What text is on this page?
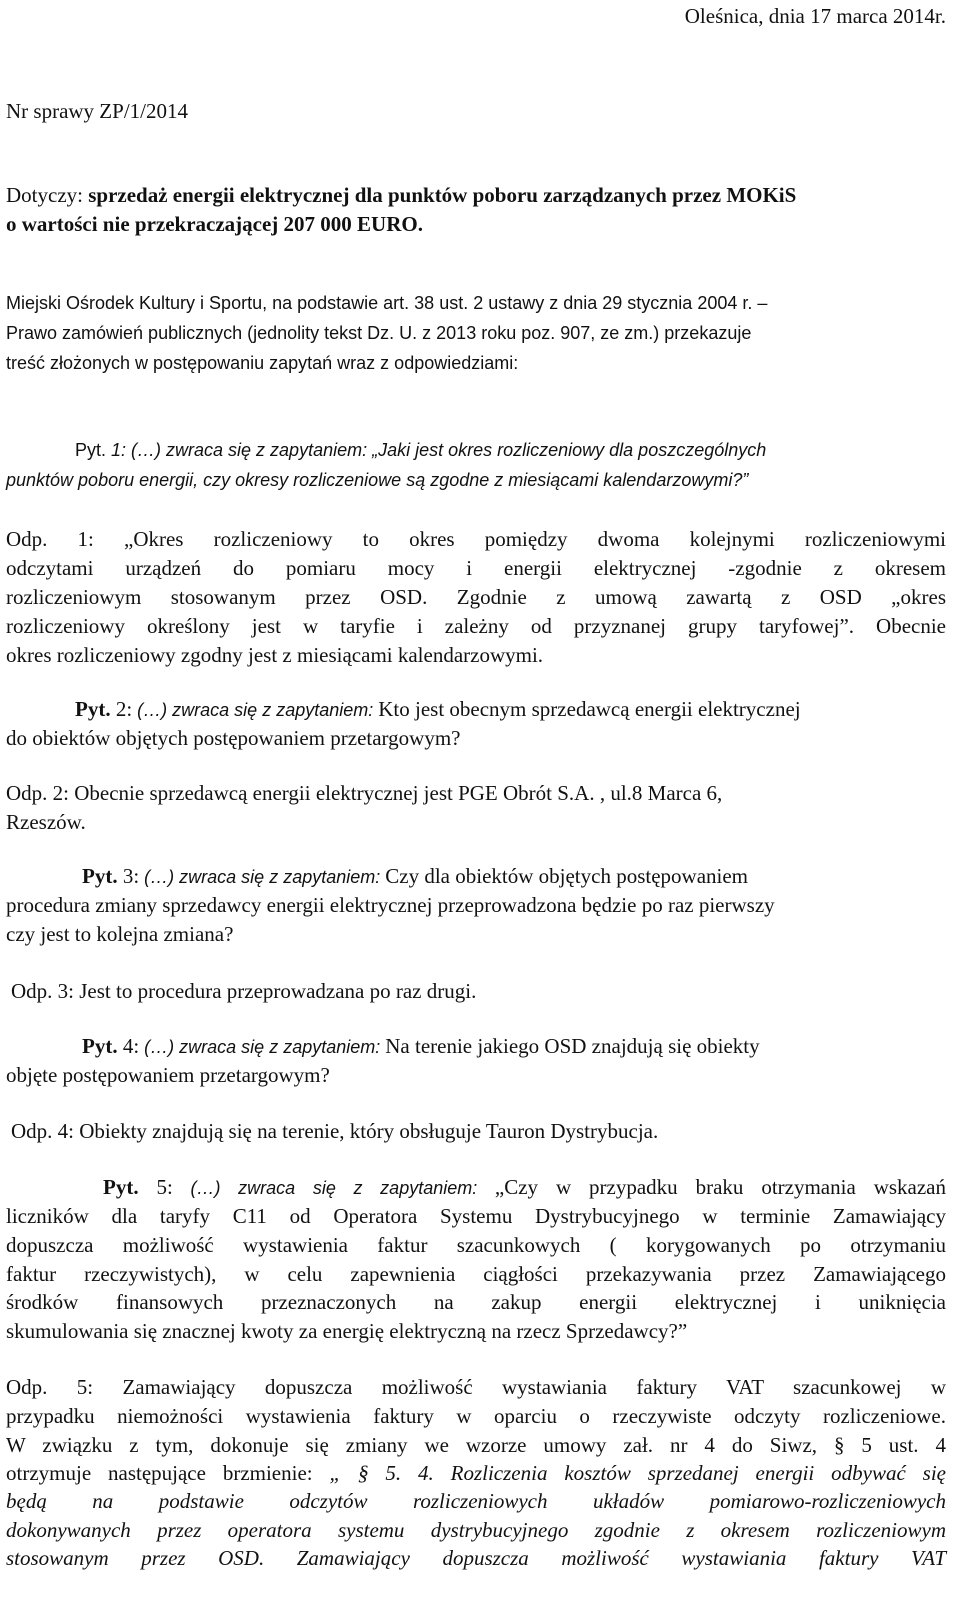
Oleśnica, dnia 17 marca 2014r.
Nr sprawy ZP/1/2014
Dotyczy: sprzedaż energii elektrycznej dla punktów poboru zarządzanych przez MOKiS
o wartości nie przekraczającej 207 000 EURO.
Miejski Ośrodek Kultury i Sportu, na podstawie art. 38 ust. 2 ustawy z dnia 29 stycznia 2004 r. –
Prawo zamówień publicznych (jednolity tekst Dz. U. z 2013 roku poz. 907, ze zm.) przekazuje
treść złożonych w postępowaniu zapytań wraz z odpowiedziami:
Pyt. 1: (…) zwraca się z zapytaniem: „Jaki jest okres rozliczeniowy dla poszczególnych
punktów poboru energii, czy okresy rozliczeniowe są zgodne z miesiącami kalendarzowymi?”
Odp. 1: „Okres rozliczeniowy to okres pomiędzy dwoma kolejnymi rozliczeniowymi
odczytami urządzeń do pomiaru mocy i energii elektrycznej -zgodnie z okresem
rozliczeniowym stosowanym przez OSD. Zgodnie z umową zawartą z OSD „okres
rozliczeniowy określony jest w taryfie i zależny od przyznanej grupy taryfowej”. Obecnie
okres rozliczeniowy zgodny jest z miesiącami kalendarzowymi.
Pyt. 2: (…) zwraca się z zapytaniem: Kto jest obecnym sprzedawcą energii elektrycznej
do obiektów objętych postępowaniem przetargowym?
Odp. 2: Obecnie sprzedawcą energii elektrycznej jest PGE Obrót S.A. , ul.8 Marca 6,
Rzeszów.
Pyt. 3: (…) zwraca się z zapytaniem: Czy dla obiektów objętych postępowaniem
procedura zmiany sprzedawcy energii elektrycznej przeprowadzona będzie po raz pierwszy
czy jest to kolejna zmiana?
Odp. 3: Jest to procedura przeprowadzana po raz drugi.
Pyt. 4: (…) zwraca się z zapytaniem: Na terenie jakiego OSD znajdują się obiekty
objęte postępowaniem przetargowym?
Odp. 4: Obiekty znajdują się na terenie, który obsługuje Tauron Dystrybucja.
Pyt. 5: (…) zwraca się z zapytaniem: „Czy w przypadku braku otrzymania wskazań
liczników dla taryfy C11 od Operatora Systemu Dystrybucyjnego w terminie Zamawiający
dopuszcza możliwość wystawienia faktur szacunkowych ( korygowanych po otrzymaniu
faktur rzeczywistych), w celu zapewnienia ciągłości przekazywania przez Zamawiającego
środków finansowych przeznaczonych na zakup energii elektrycznej i uniknięcia
skumulowania się znacznej kwoty za energię elektryczną na rzecz Sprzedawcy?”
Odp. 5: Zamawiający dopuszcza możliwość wystawiania faktury VAT szacunkowej w
przypadku niemożności wystawienia faktury w oparciu o rzeczywiste odczyty rozliczeniowe.
W związku z tym, dokonuje się zmiany we wzorze umowy zał. nr 4 do Siwz, § 5 ust. 4
otrzymuje następujące brzmienie: „ § 5. 4. Rozliczenia kosztów sprzedanej energii odbywać się
będą na podstawie odczytów rozliczeniowych układów pomiarowo-rozliczeniowych
dokonywanych przez operatora systemu dystrybucyjnego zgodnie z okresem rozliczeniowym
stosowanym przez OSD. Zamawiający dopuszcza możliwość wystawiania faktury VAT
